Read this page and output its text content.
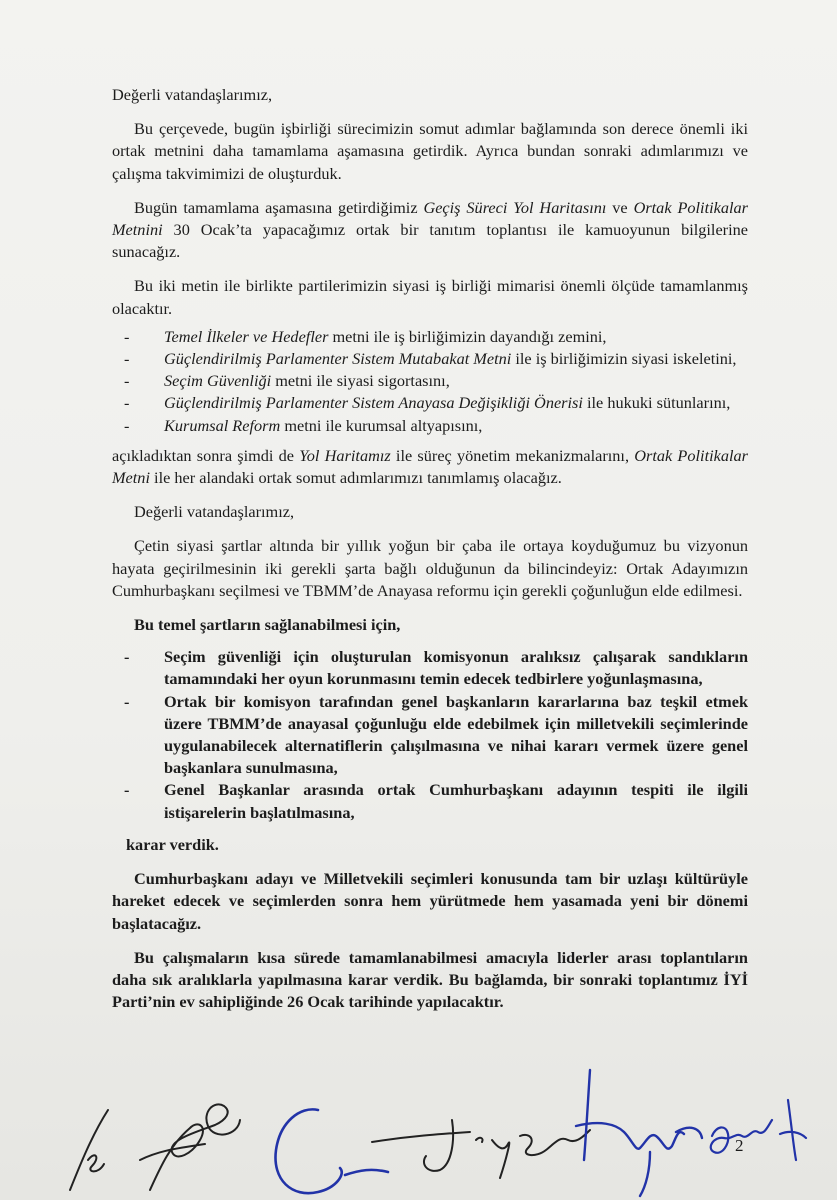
Değerli vatandaşlarımız,

Bu çerçevede, bugün işbirliği sürecimizin somut adımlar bağlamında son derece önemli iki ortak metnini daha tamamlama aşamasına getirdik. Ayrıca bundan sonraki adımlarımızı ve çalışma takvimimizi de oluşturduk.

Bugün tamamlama aşamasına getirdiğimiz Geçiş Süreci Yol Haritasını ve Ortak Politikalar Metnini 30 Ocak’ta yapacağımız ortak bir tanıtım toplantısı ile kamuoyunun bilgilerine sunacağız.

Bu iki metin ile birlikte partilerimizin siyasi iş birliği mimarisi önemli ölçüde tamamlanmış olacaktır.

- Temel İlkeler ve Hedefler metni ile iş birliğimizin dayandığı zemini,
- Güçlendirilmiş Parlamenter Sistem Mutabakat Metni ile iş birliğimizin siyasi iskeletini,
- Seçim Güvenliği metni ile siyasi sigortasını,
- Güçlendirilmiş Parlamenter Sistem Anayasa Değişikliği Önerisi ile hukuki sütunlarını,
- Kurumsal Reform metni ile kurumsal altyapısını,

açıkladıktan sonra şimdi de Yol Haritamız ile süreç yönetim mekanizmalarını, Ortak Politikalar Metni ile her alandaki ortak somut adımlarımızı tanımlamış olacağız.

Değerli vatandaşlarımız,

Çetin siyasi şartlar altında bir yıllık yoğun bir çaba ile ortaya koyduğumuz bu vizyonun hayata geçirilmesinin iki gerekli şarta bağlı olduğunun da bilincindeyiz: Ortak Adayımızın Cumhurbaşkanı seçilmesi ve TBMM’de Anayasa reformu için gerekli çoğunluğun elde edilmesi.

Bu temel şartların sağlanabilmesi için,

- Seçim güvenliği için oluşturulan komisyonun aralıksız çalışarak sandıkların tamamındaki her oyun korunmasını temin edecek tedbirlere yoğunlaşmasına,
- Ortak bir komisyon tarafından genel başkanların kararlarına baz teşkil etmek üzere TBMM’de anayasal çoğunluğu elde edebilmek için milletvekili seçimlerinde uygulanabilecek alternatiflerin çalışılmasına ve nihai kararı vermek üzere genel başkanlara sunulmasına,
- Genel Başkanlar arasında ortak Cumhurbaşkanı adayının tespiti ile ilgili istişarelerin başlatılmasına,

karar verdik.

Cumhurbaşkanı adayı ve Milletvekili seçimleri konusunda tam bir uzlaşı kültürüyle hareket edecek ve seçimlerden sonra hem yürütmede hem yasamada yeni bir dönemi başlatacağız.

Bu çalışmaların kısa sürede tamamlanabilmesi amacıyla liderler arası toplantıların daha sık aralıklarla yapılmasına karar verdik. Bu bağlamda, bir sonraki toplantımız İYİ Parti’nin ev sahipliğinde 26 Ocak tarihinde yapılacaktır.

2
